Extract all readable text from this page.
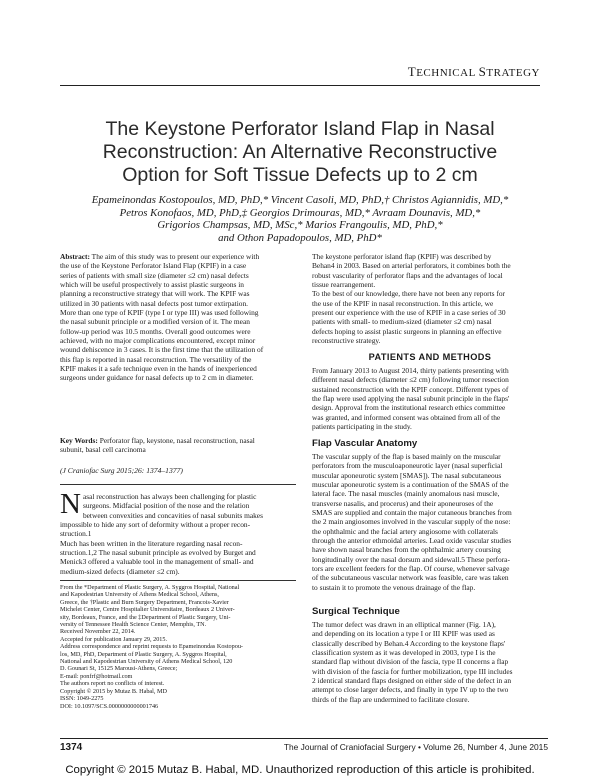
TECHNICAL STRATEGY
The Keystone Perforator Island Flap in Nasal
Reconstruction: An Alternative Reconstructive
Option for Soft Tissue Defects up to 2 cm
Epameinondas Kostopoulos, MD, PhD,* Vincent Casoli, MD, PhD,† Christos Agiannidis, MD,*
Petros Konofaos, MD, PhD,‡ Georgios Drimouras, MD,* Avraam Dounavis, MD,*
Grigorios Champsas, MD, MSc,* Marios Frangoulis, MD, PhD,*
and Othon Papadopoulos, MD, PhD*
Abstract: The aim of this study was to present our experience with
the use of the Keystone Perforator Island Flap (KPIF) in a case
series of patients with small size (diameter ≤2 cm) nasal defects
which will be useful prospectively to assist plastic surgeons in
planning a reconstructive strategy that will work. The KPIF was
utilized in 30 patients with nasal defects post tumor extirpation.
More than one type of KPIF (type I or type III) was used following
the nasal subunit principle or a modified version of it. The mean
follow-up period was 10.5 months. Overall good outcomes were
achieved, with no major complications encountered, except minor
wound dehiscence in 3 cases. It is the first time that the utilization of
this flap is reported in nasal reconstruction. The versatility of the
KPIF makes it a safe technique even in the hands of inexperienced
surgeons under guidance for nasal defects up to 2 cm in diameter.
Key Words: Perforator flap, keystone, nasal reconstruction, nasal
subunit, basal cell carcinoma
(J Craniofac Surg 2015;26: 1374–1377)
N asal reconstruction has always been challenging for plastic
surgeons. Midfacial position of the nose and the relation
between convexities and concavities of nasal subunits makes
impossible to hide any sort of deformity without a proper recon-
struction.1
Much has been written in the literature regarding nasal recon-
struction.1,2 The nasal subunit principle as evolved by Burget and
Menick3 offered a valuable tool in the management of small- and
medium-sized defects (diameter ≤2 cm).
From the *Department of Plastic Surgery, A. Syggros Hospital, National
and Kapodestrian University of Athens Medical School, Athens,
Greece, the †Plastic and Burn Surgery Department, Francois-Xavier
Michelet Center, Centre Hospitalier Universitaire, Bordeaux 2 Univer-
sity, Bordeaux, France, and the ‡Department of Plastic Surgery, Uni-
versity of Tennessee Health Science Center, Memphis, TN.
Received November 22, 2014.
Accepted for publication January 29, 2015.
Address correspondence and reprint requests to Epameinondas Kostopou-
los, MD, PhD, Department of Plastic Surgery, A. Syggros Hospital,
National and Kapodestrian University of Athens Medical School, 120
D. Gounari St, 15125 Marousi-Athens, Greece;
E-mail: ponfrf@hotmail.com
The authors report no conflicts of interest.
Copyright © 2015 by Mutaz B. Habal, MD
ISSN: 1049-2275
DOI: 10.1097/SCS.0000000000001746
The keystone perforator island flap (KPIF) was described by
Behan4 in 2003. Based on arterial perforators, it combines both the
robust vascularity of perforator flaps and the advantages of local
tissue rearrangement.
To the best of our knowledge, there have not been any reports for
the use of the KPIF in nasal reconstruction. In this article, we
present our experience with the use of KPIF in a case series of 30
patients with small- to medium-sized (diameter ≤2 cm) nasal
defects hoping to assist plastic surgeons in planning an effective
reconstructive strategy.
PATIENTS AND METHODS
From January 2013 to August 2014, thirty patients presenting with
different nasal defects (diameter ≤2 cm) following tumor resection
sustained reconstruction with the KPIF concept. Different types of
the flap were used applying the nasal subunit principle in the flaps'
design. Approval from the institutional research ethics committee
was granted, and informed consent was obtained from all of the
patients participating in the study.
Flap Vascular Anatomy
The vascular supply of the flap is based mainly on the muscular
perforators from the musculoaponeurotic layer (nasal superficial
muscular aponeurotic system [SMAS]). The nasal subcutaneous
muscular aponeurotic system is a continuation of the SMAS of the
lateral face. The nasal muscles (mainly anomalous nasi muscle,
transverse nasalis, and procerus) and their aponeuroses of the
SMAS are supplied and contain the major cutaneous branches from
the 2 main angiosomes involved in the vascular supply of the nose:
the ophthalmic and the facial artery angiosome with collaterals
through the anterior ethmoidal arteries. Lead oxide vascular studies
have shown nasal branches from the ophthalmic artery coursing
longitudinally over the nasal dorsum and sidewall.5 These perfora-
tors are excellent feeders for the flap. Of course, whenever salvage
of the subcutaneous vascular network was feasible, care was taken
to sustain it to promote the venous drainage of the flap.
Surgical Technique
The tumor defect was drawn in an elliptical manner (Fig. 1A),
and depending on its location a type I or III KPIF was used as
classically described by Behan.4 According to the keystone flaps'
classification system as it was developed in 2003, type I is the
standard flap without division of the fascia, type II concerns a flap
with division of the fascia for further mobilization, type III includes
2 identical standard flaps designed on either side of the defect in an
attempt to close larger defects, and finally in type IV up to the two
thirds of the flap are undermined to facilitate closure.
1374	The Journal of Craniofacial Surgery • Volume 26, Number 4, June 2015
Copyright © 2015 Mutaz B. Habal, MD. Unauthorized reproduction of this article is prohibited.
